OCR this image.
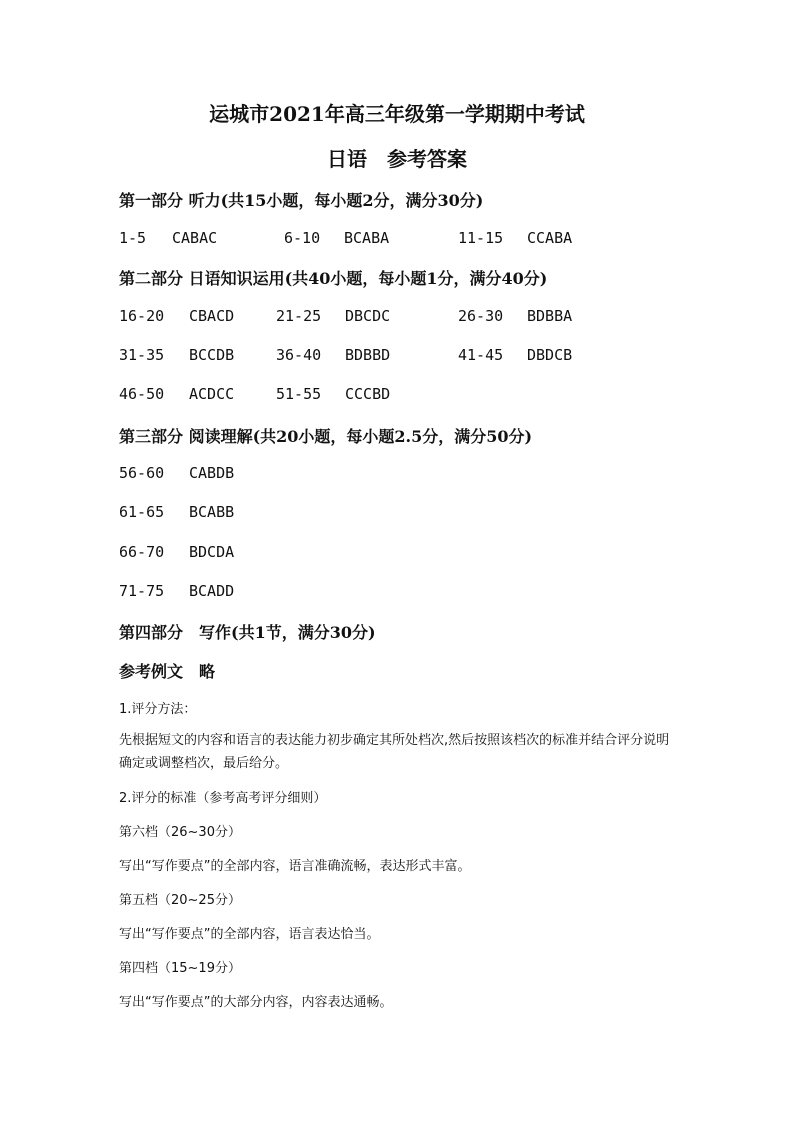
运城市2021年高三年级第一学期期中考试
日语　参考答案
第一部分 听力(共15小题，每小题2分，满分30分)
1-5 CABAC	6-10 BCABA	11-15 CCABA
第二部分 日语知识运用(共40小题，每小题1分，满分40分)
16-20 CBACD	21-25 DBCDC	26-30 BDBBA
31-35 BCCDB	36-40 BDBBD	41-45 DBDCB
46-50 ACDCC	51-55 CCCBD
第三部分 阅读理解(共20小题，每小题2.5分，满分50分)
56-60 CABDB
61-65 BCABB
66-70 BDCDA
71-75 BCADD
第四部分　写作(共1节，满分30分)
参考例文　略
1.评分方法：
先根据短文的内容和语言的表达能力初步确定其所处档次,然后按照该档次的标准并结合评分说明确定或调整档次，最后给分。
2.评分的标准（参考高考评分细则）
第六档（26~30分）
写出“写作要点”的全部内容，语言准确流畅，表达形式丰富。
第五档（20~25分）
写出“写作要点”的全部内容，语言表达恰当。
第四档（15~19分）
写出“写作要点”的大部分内容，内容表达通畅。
